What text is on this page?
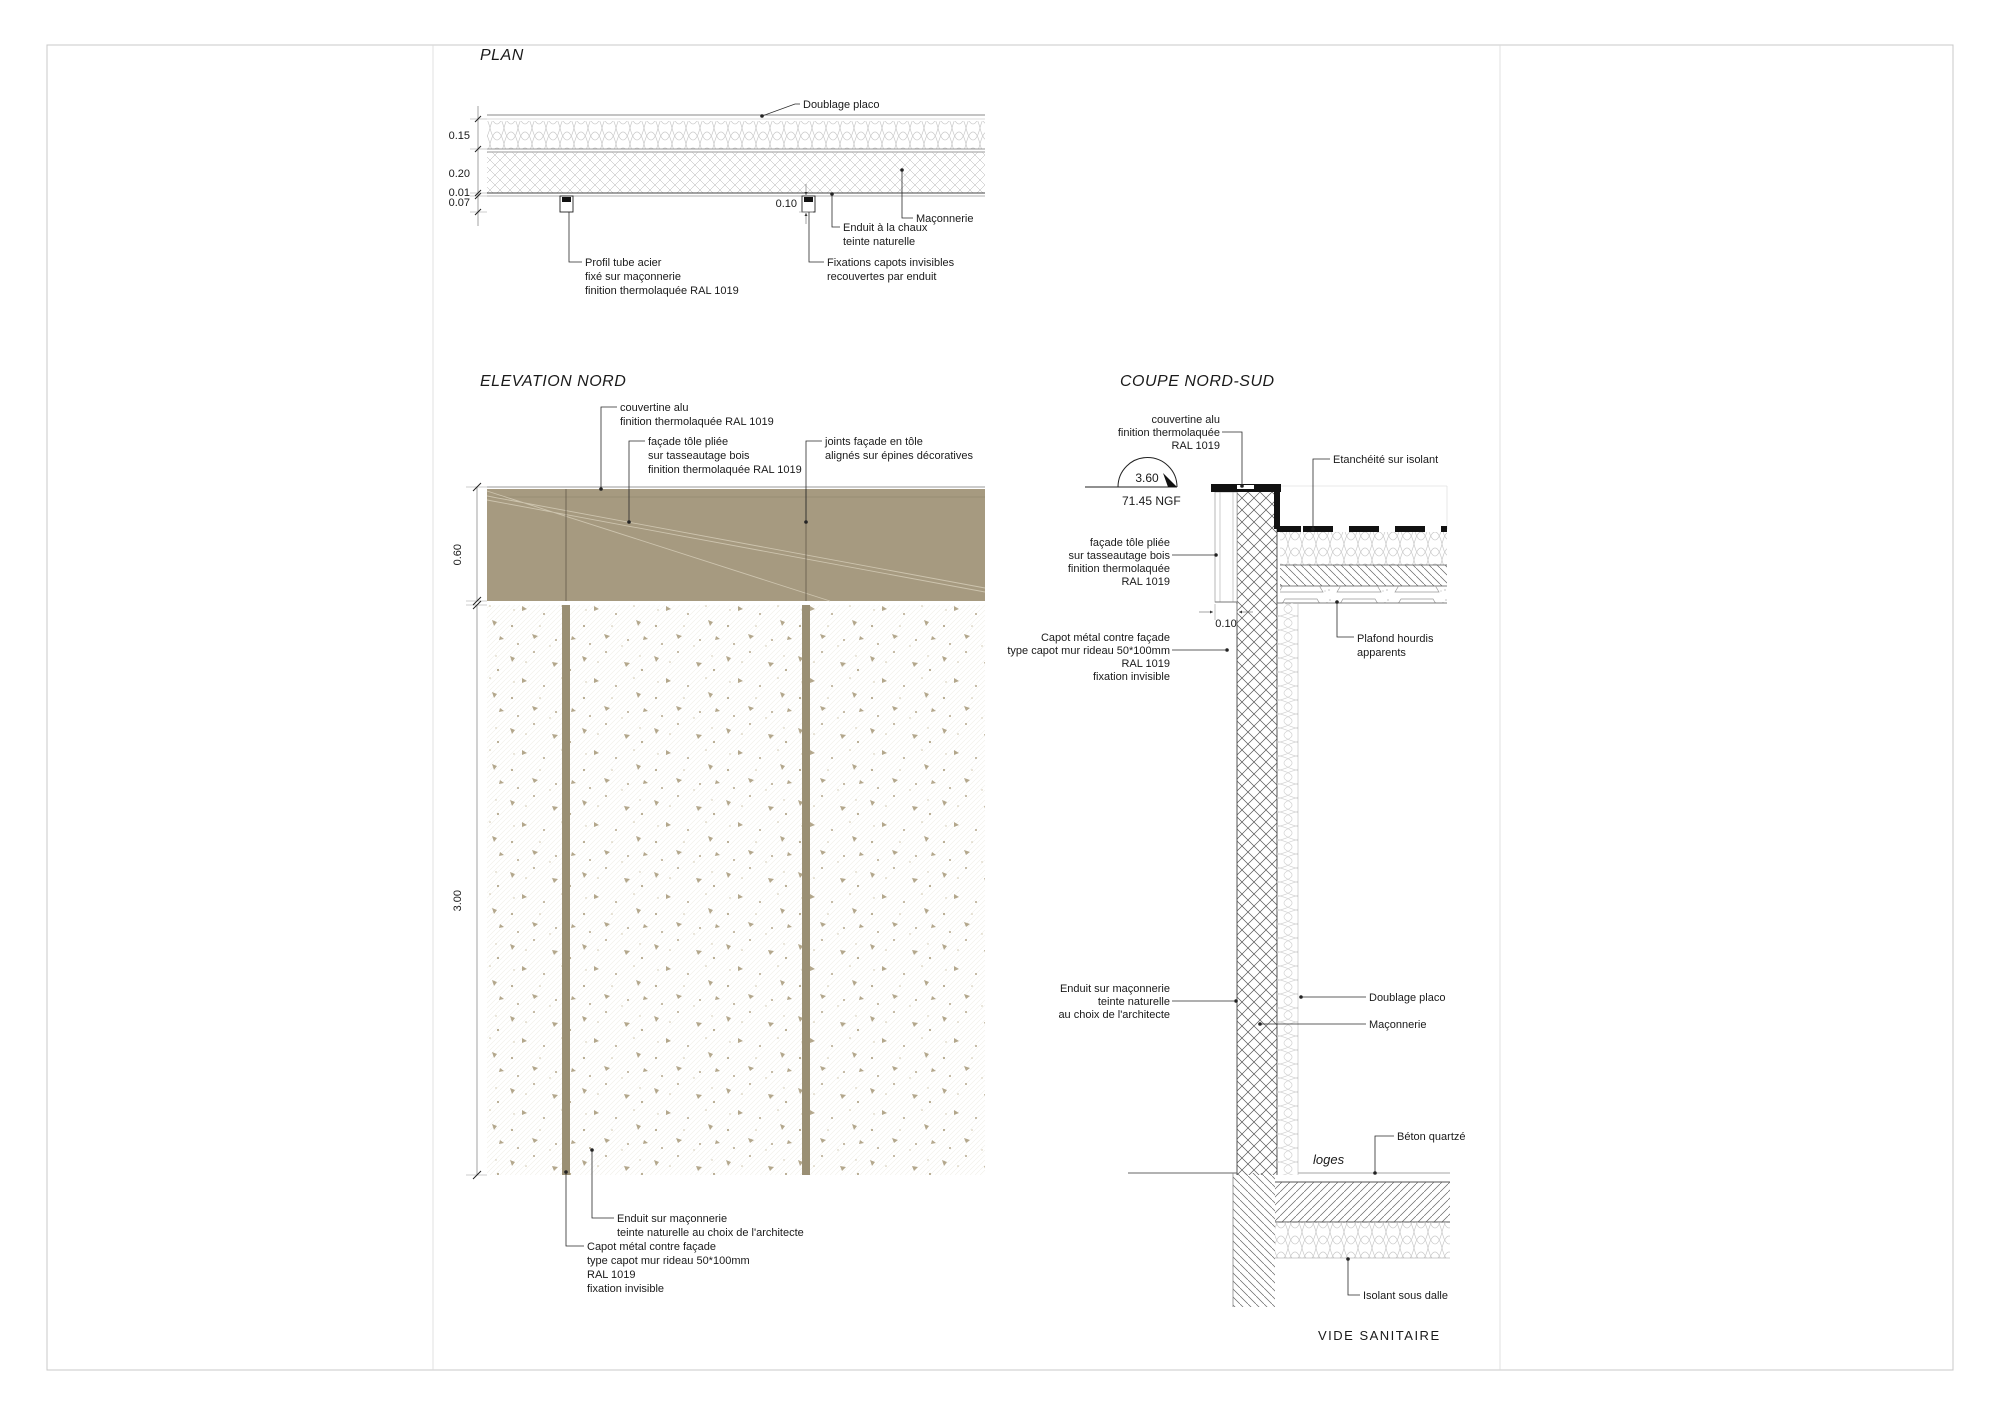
PLAN
0.15
0.20
0.01
0.07	0.10
Doublage placo
Maçonnerie
Enduit à la chaux
teinte naturelle
Fixations capots invisibles
recouvertes par enduit
Profil tube acier
fixé sur maçonnerie
finition thermolaquée RAL 1019
ELEVATION NORD
0.60
3.00
couvertine alu
finition thermolaquée RAL 1019
façade tôle pliée
sur tasseautage bois
finition thermolaquée RAL 1019
joints façade en tôle
alignés sur épines décoratives
Enduit sur maçonnerie
teinte naturelle au choix de l'architecte
Capot métal contre façade
type capot mur rideau 50*100mm
RAL 1019
fixation invisible
COUPE NORD-SUD
3.60
71.45 NGF
0.10
couvertine alu
finition thermolaquée
RAL 1019
Etanchéité sur isolant
façade tôle pliée
sur tasseautage bois
finition thermolaquée
RAL 1019
Capot métal contre façade
type capot mur rideau 50*100mm
RAL 1019
fixation invisible
Plafond hourdis
apparents
Enduit sur maçonnerie
teinte naturelle
au choix de l'architecte
Doublage placo
Maçonnerie
Béton quartzé
loges
Isolant sous dalle
VIDE SANITAIRE
